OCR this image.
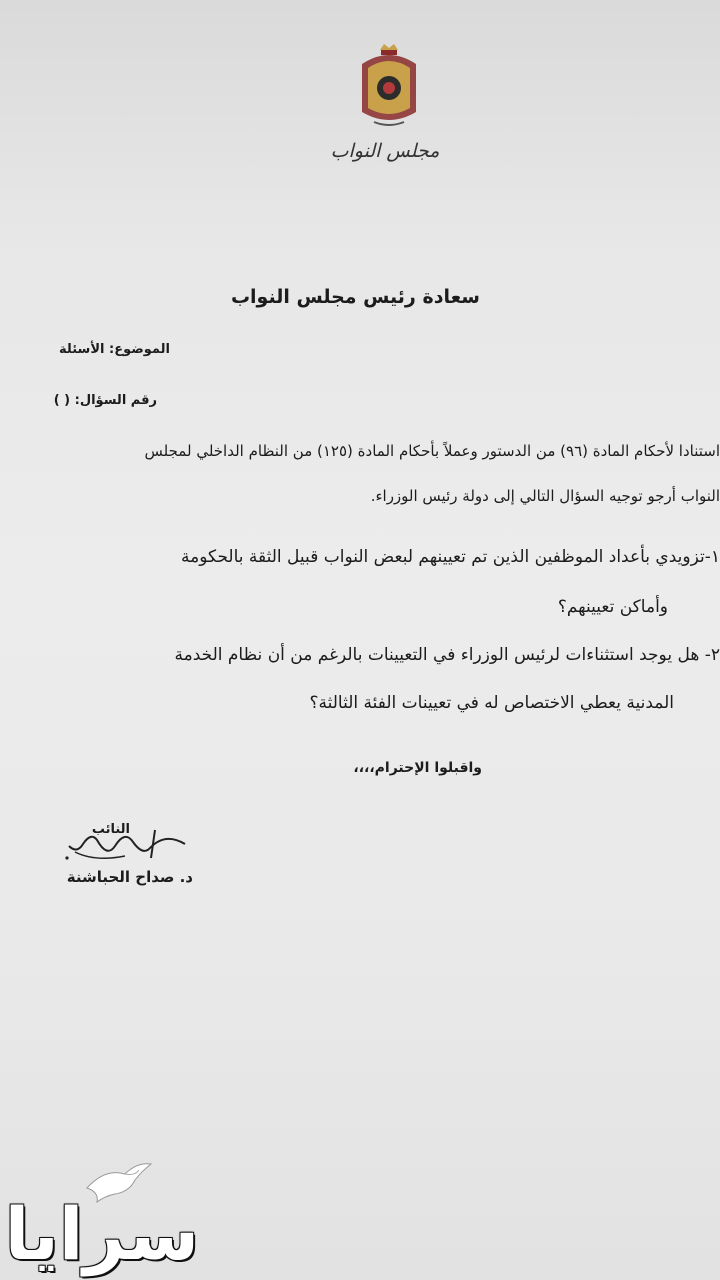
مجلس النواب
سعادة رئيس مجلس النواب
الموضوع: الأسئلة
رقم السؤال: ( )
استنادا لأحكام المادة (٩٦) من الدستور وعملاً بأحكام المادة (١٢٥) من النظام الداخلي لمجلس
النواب أرجو توجيه السؤال التالي إلى دولة رئيس الوزراء.
١-تزويدي بأعداد الموظفين الذين تم تعيينهم لبعض النواب قبيل الثقة بالحكومة
وأماكن تعيينهم؟
٢- هل يوجد استثناءات لرئيس الوزراء في التعيينات بالرغم من أن نظام الخدمة
المدنية يعطي الاختصاص له في تعيينات الفئة الثالثة؟
واقبلوا الإحترام،،،،
النائب
د. صداح الحباشنة
سرايا
